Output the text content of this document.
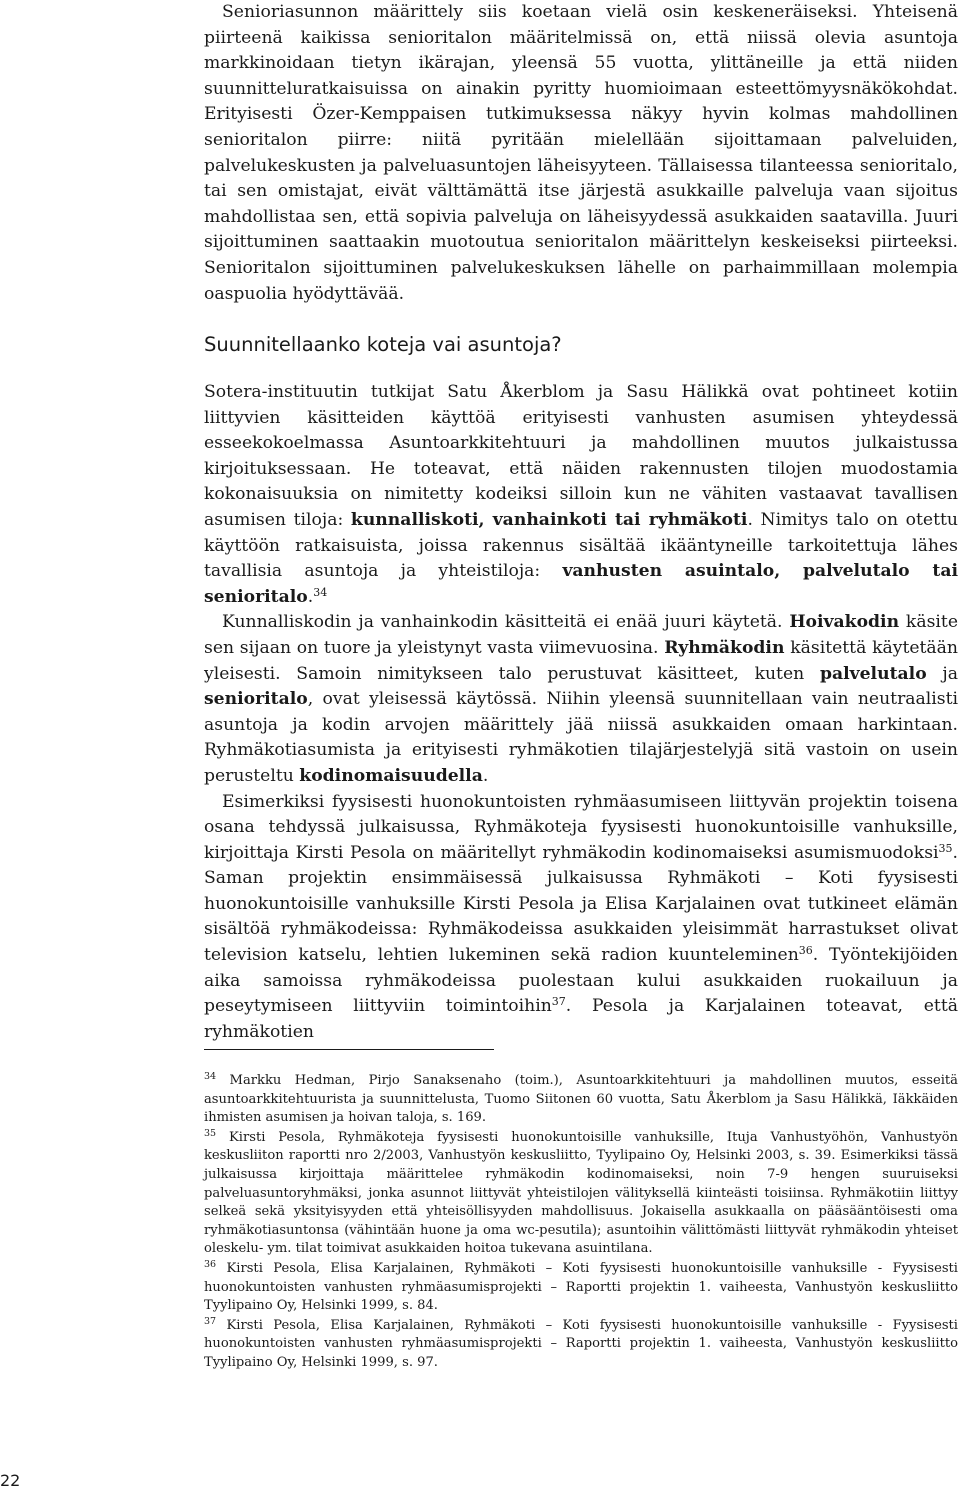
Senioriasunnon määrittely siis koetaan vielä osin keskeneräiseksi. Yhteisenä piirteenä kaikissa senioritalon määritelmissä on, että niissä olevia asuntoja markkinoidaan tietyn ikärajan, yleensä 55 vuotta, ylittäneille ja että niiden suunnitteluratkaisuissa on ainakin pyritty huomioimaan esteettömyysnäkökohdat. Erityisesti Özer-Kemppaisen tutkimuksessa näkyy hyvin kolmas mahdollinen senioritalon piirre: niitä pyritään mielellään sijoittamaan palveluiden, palvelukeskusten ja palveluasuntojen läheisyyteen. Tällaisessa tilanteessa senioritalo, tai sen omistajat, eivät välttämättä itse järjestä asukkaille palveluja vaan sijoitus mahdollistaa sen, että sopivia palveluja on läheisyydessä asukkaiden saatavilla. Juuri sijoittuminen saattaakin muotoutua senioritalon määrittelyn keskeiseksi piirteeksi. Senioritalon sijoittuminen palvelukeskuksen lähelle on parhaimmillaan molempia oaspuolia hyödyttävää.

Suunnitellaanko koteja vai asuntoja?

Sotera-instituutin tutkijat Satu Åkerblom ja Sasu Hälikkä ovat pohtineet kotiin liittyvien käsitteiden käyttöä erityisesti vanhusten asumisen yhteydessä esseekokoelmassa Asuntoarkkitehtuuri ja mahdollinen muutos julkaistussa kirjoituksessaan. He toteavat, että näiden rakennusten tilojen muodostamia kokonaisuuksia on nimitetty kodeiksi silloin kun ne vähiten vastaavat tavallisen asumisen tiloja: kunnalliskoti, vanhainkoti tai ryhmäkoti. Nimitys talo on otettu käyttöön ratkaisuista, joissa rakennus sisältää ikääntyneille tarkoitettuja lähes tavallisia asuntoja ja yhteistiloja: vanhusten asuintalo, palvelutalo tai senioritalo.$^{34}$

Kunnalliskodin ja vanhainkodin käsitteitä ei enää juuri käytetä. Hoivakodin käsite sen sijaan on tuore ja yleistynyt vasta viimevuosina. Ryhmäkodin käsitettä käytetään yleisesti. Samoin nimitykseen talo perustuvat käsitteet, kuten palvelutalo ja senioritalo, ovat yleisessä käytössä. Niihin yleensä suunnitellaan vain neutraalisti asuntoja ja kodin arvojen määrittely jää niissä asukkaiden omaan harkintaan. Ryhmäkotiasumista ja erityisesti ryhmäkotien tilajärjestelyjä sitä vastoin on usein perusteltu kodinomaisuudella.

Esimerkiksi fyysisesti huonokuntoisten ryhmäasumiseen liittyvän projektin toisena osana tehdyssä julkaisussa, Ryhmäkoteja fyysisesti huonokuntoisille vanhuksille, kirjoittaja Kirsti Pesola on määritellyt ryhmäkodin kodinomaiseksi asumismuodoksi$^{35}$. Saman projektin ensimmäisessä julkaisussa Ryhmäkoti – Koti fyysisesti huonokuntoisille vanhuksille Kirsti Pesola ja Elisa Karjalainen ovat tutkineet elämän sisältöä ryhmäkodeissa: Ryhmäkodeissa asukkaiden yleisimmät harrastukset olivat television katselu, lehtien lukeminen sekä radion kuunteleminen$^{36}$. Työntekijöiden aika samoissa ryhmäkodeissa puolestaan kului asukkaiden ruokailuun ja peseytymiseen liittyviin toimintoihin$^{37}$. Pesola ja Karjalainen toteavat, että ryhmäkotien

$^{34}$ Markku Hedman, Pirjo Sanaksenaho (toim.), Asuntoarkkitehtuuri ja mahdollinen muutos, esseitä asuntoarkkitehtuurista ja suunnittelusta, Tuomo Siitonen 60 vuotta, Satu Åkerblom ja Sasu Hälikkä, Iäkkäiden ihmisten asumisen ja hoivan taloja, s. 169.

$^{35}$ Kirsti Pesola, Ryhmäkoteja fyysisesti huonokuntoisille vanhuksille, Ituja Vanhustyöhön, Vanhustyön keskusliiton raportti nro 2/2003, Vanhustyön keskusliitto, Tyylipaino Oy, Helsinki 2003, s. 39. Esimerkiksi tässä julkaisussa kirjoittaja määrittelee ryhmäkodin kodinomaiseksi, noin 7-9 hengen suuruiseksi palveluasuntoryhmäksi, jonka asunnot liittyvät yhteistilojen välityksellä kiinteästi toisiinsa. Ryhmäkotiin liittyy selkeä sekä yksityisyyden että yhteisöllisyyden mahdollisuus. Jokaisella asukkaalla on pääsääntöisesti oma ryhmäkotiasuntonsa (vähintään huone ja oma wc-pesutila); asuntoihin välittömästi liittyvät ryhmäkodin yhteiset oleskelu- ym. tilat toimivat asukkaiden hoitoa tukevana asuintilana.

$^{36}$ Kirsti Pesola, Elisa Karjalainen, Ryhmäkoti – Koti fyysisesti huonokuntoisille vanhuksille - Fyysisesti huonokuntoisten vanhusten ryhmäasumisprojekti – Raportti projektin 1. vaiheesta, Vanhustyön keskusliitto Tyylipaino Oy, Helsinki 1999, s. 84.

$^{37}$ Kirsti Pesola, Elisa Karjalainen, Ryhmäkoti – Koti fyysisesti huonokuntoisille vanhuksille - Fyysisesti huonokuntoisten vanhusten ryhmäasumisprojekti – Raportti projektin 1. vaiheesta, Vanhustyön keskusliitto Tyylipaino Oy, Helsinki 1999, s. 97.

22
